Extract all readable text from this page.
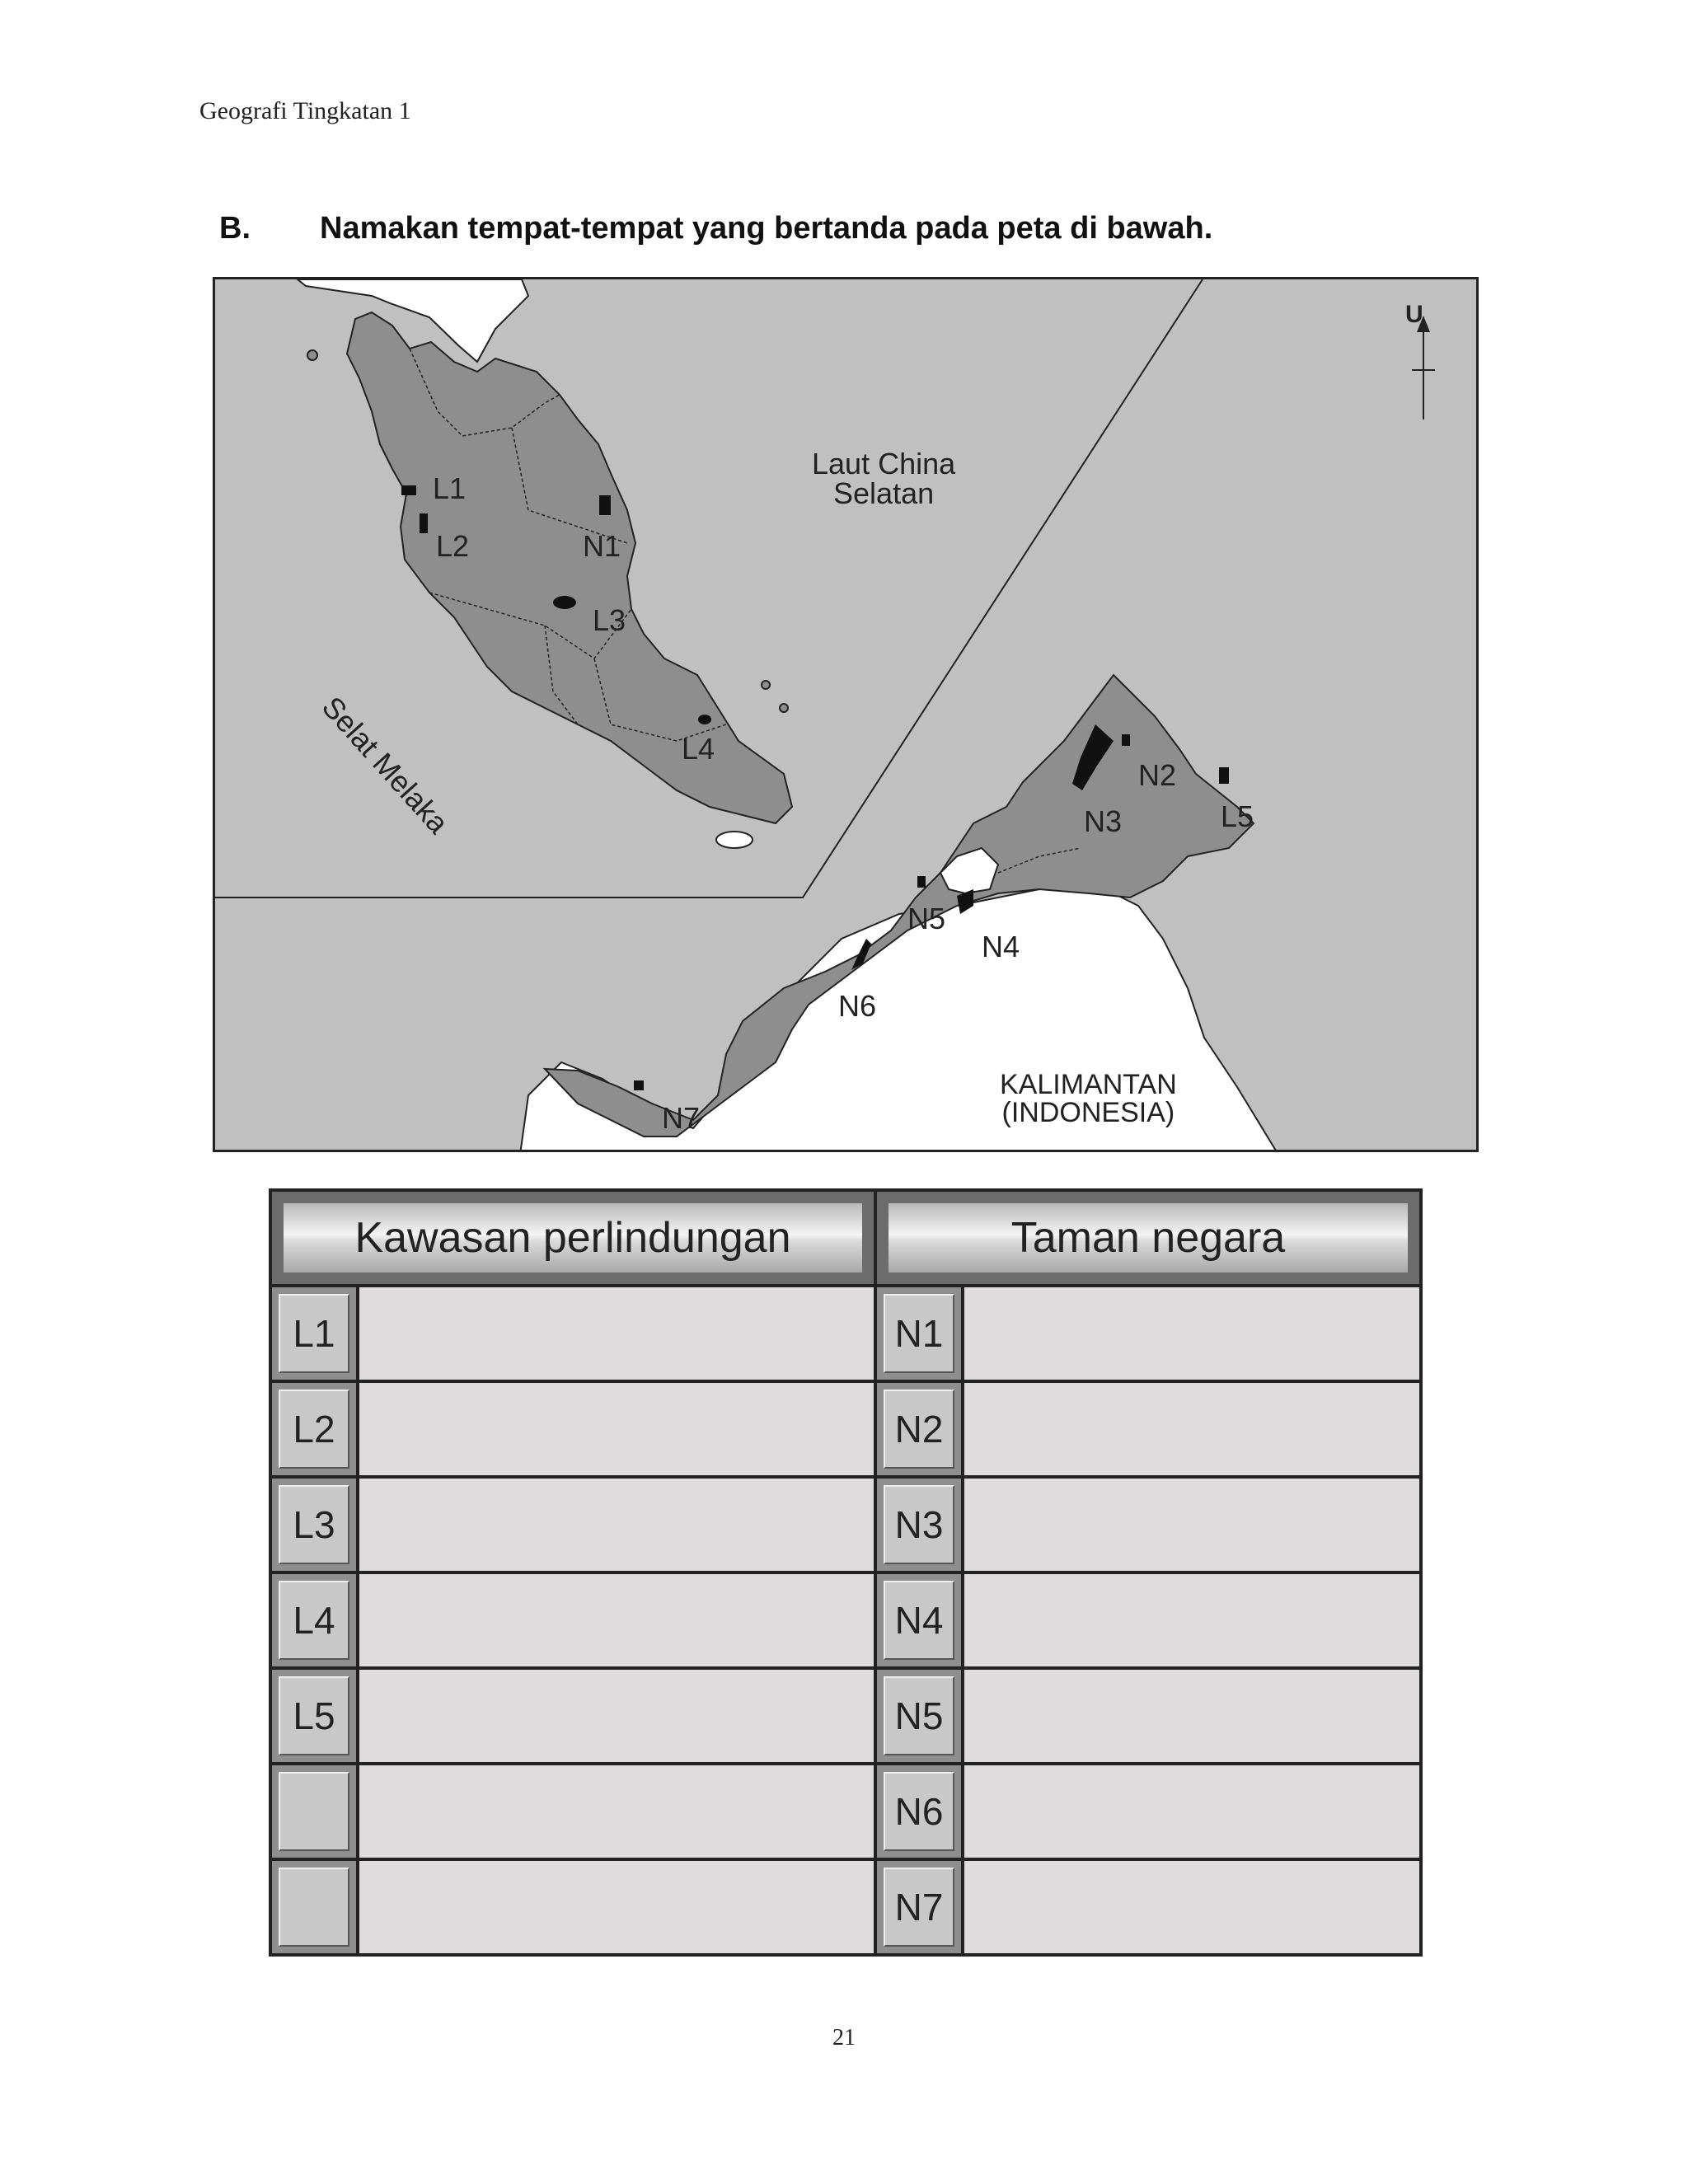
Geografi Tingkatan 1
B. Namakan tempat-tempat yang bertanda pada peta di bawah.
U
Laut China
Selatan
Selat Melaka
KALIMANTAN
(INDONESIA)
L1
L2	N1
L3
L4
N2
N3	L5
N5
N4
N6
N7
Kawasan perlindungan
L1
L2
L3
L4
L5
Taman negara
N1
N2
N3
N4
N5
N6
N7
21
